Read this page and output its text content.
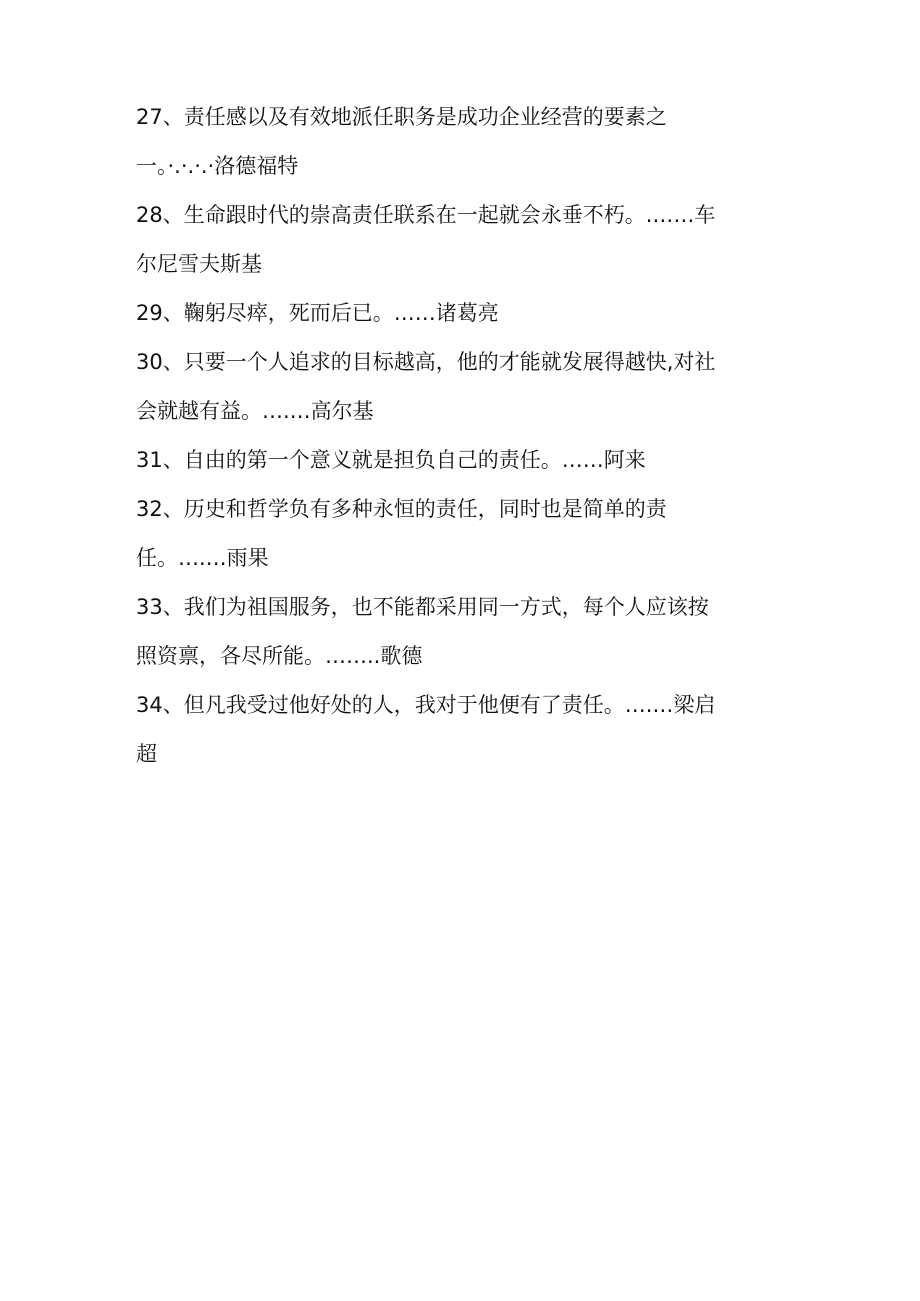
27、责任感以及有效地派任职务是成功企业经营的要素之
一。·.·.·.·洛德福特
28、生命跟时代的崇高责任联系在一起就会永垂不朽。.……车
尔尼雪夫斯基
29、鞠躬尽瘁，死而后已。……诸葛亮
30、只要一个人追求的目标越高，他的才能就发展得越快,对社
会就越有益。….…高尔基
31、自由的第一个意义就是担负自己的责任。……阿来
32、历史和哲学负有多种永恒的责任，同时也是简单的责
任。….…雨果
33、我们为祖国服务，也不能都采用同一方式，每个人应该按
照资禀，各尽所能。……..歌德
34、但凡我受过他好处的人，我对于他便有了责任。….…梁启
超
